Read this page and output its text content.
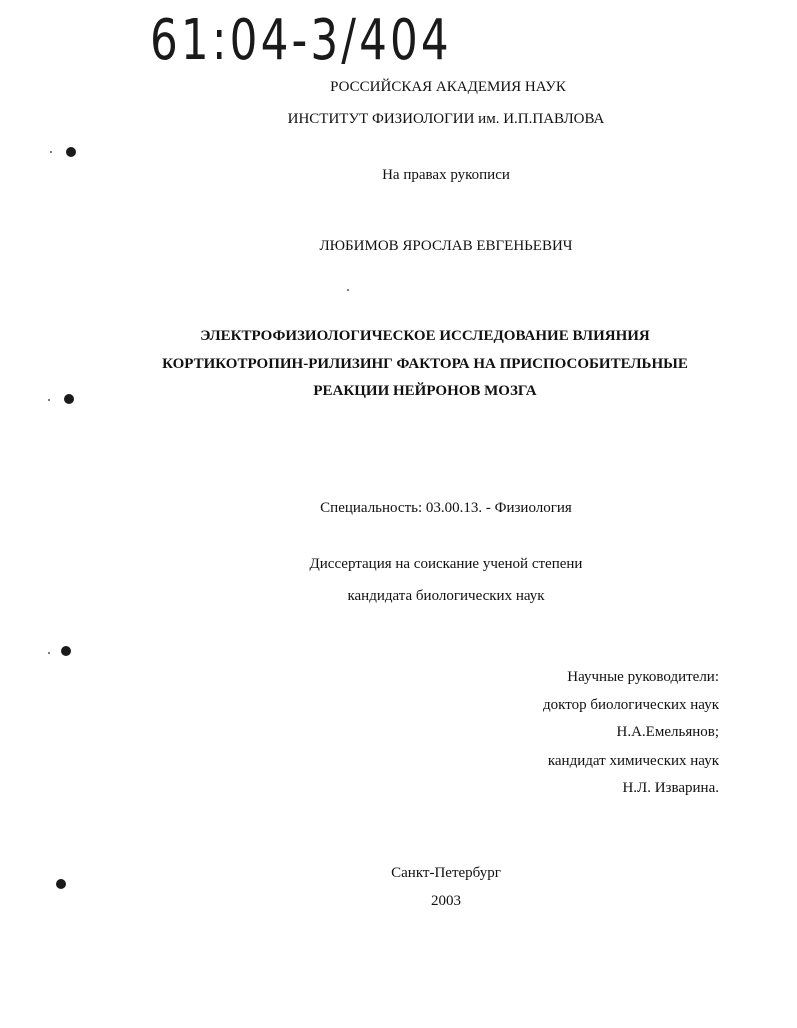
61:04-3/404
РОССИЙСКАЯ АКАДЕМИЯ НАУК
ИНСТИТУТ ФИЗИОЛОГИИ им. И.П.ПАВЛОВА
На правах рукописи
ЛЮБИМОВ ЯРОСЛАВ ЕВГЕНЬЕВИЧ
ЭЛЕКТРОФИЗИОЛОГИЧЕСКОЕ ИССЛЕДОВАНИЕ ВЛИЯНИЯ
КОРТИКОТРОПИН-РИЛИЗИНГ ФАКТОРА НА ПРИСПОСОБИТЕЛЬНЫЕ
РЕАКЦИИ НЕЙРОНОВ МОЗГА
Специальность: 03.00.13. - Физиология
Диссертация на соискание ученой степени
кандидата биологических наук
Научные руководители:
доктор биологических наук
Н.А.Емельянов;
кандидат химических наук
Н.Л. Изварина.
Санкт-Петербург
2003
